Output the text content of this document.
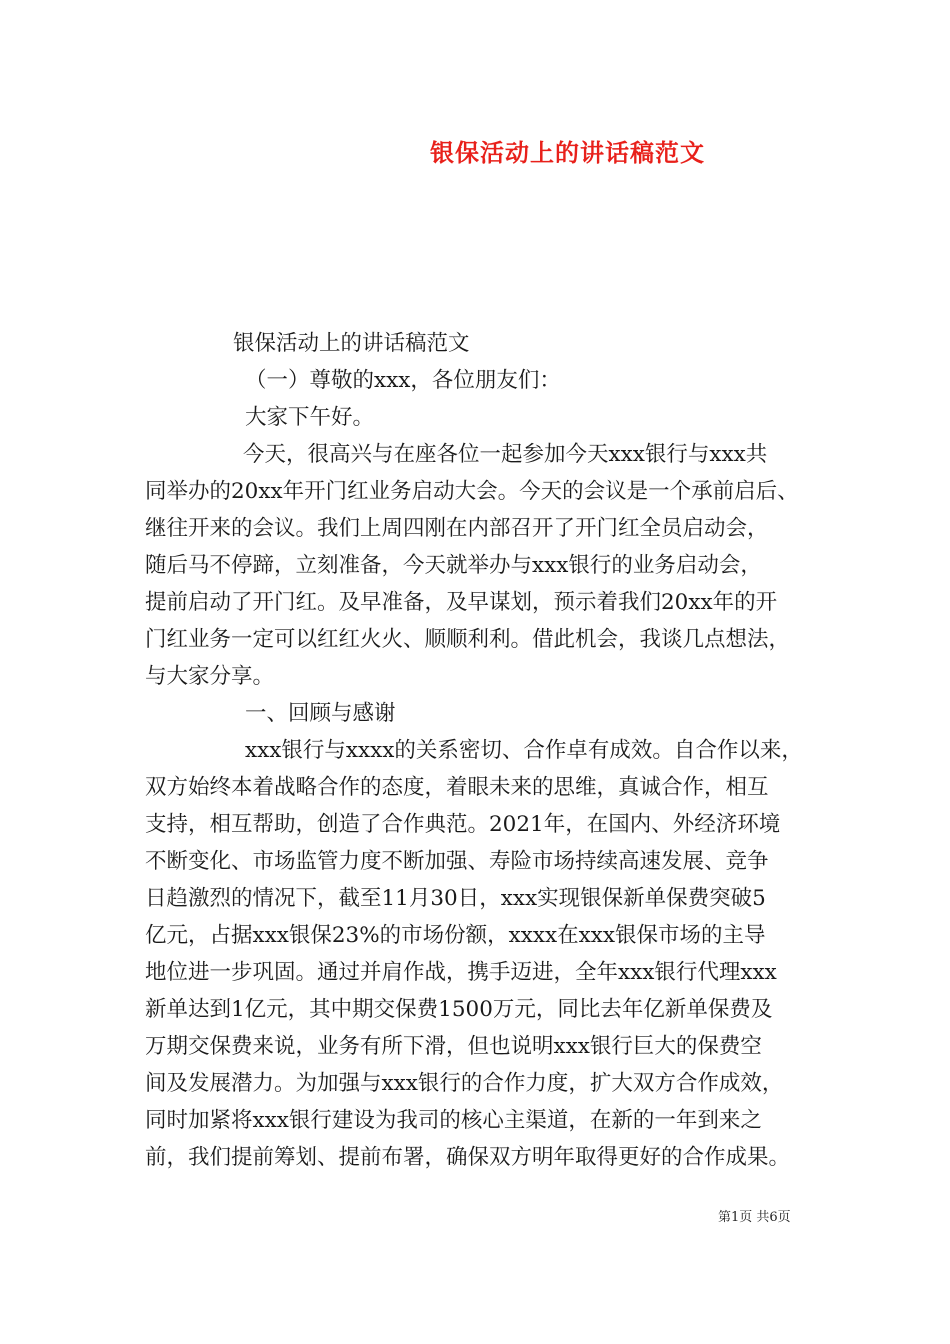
银保活动上的讲话稿范文
银保活动上的讲话稿范文
（一）尊敬的xxx，各位朋友们：
大家下午好。
今天，很高兴与在座各位一起参加今天xxx银行与xxx共
同举办的20xx年开门红业务启动大会。今天的会议是一个承前启后、
继往开来的会议。我们上周四刚在内部召开了开门红全员启动会，
随后马不停蹄，立刻准备，今天就举办与xxx银行的业务启动会，
提前启动了开门红。及早准备，及早谋划，预示着我们20xx年的开
门红业务一定可以红红火火、顺顺利利。借此机会，我谈几点想法，
与大家分享。
一、回顾与感谢
xxx银行与xxxx的关系密切、合作卓有成效。自合作以来，
双方始终本着战略合作的态度，着眼未来的思维，真诚合作，相互
支持，相互帮助，创造了合作典范。2021年，在国内、外经济环境
不断变化、市场监管力度不断加强、寿险市场持续高速发展、竞争
日趋激烈的情况下，截至11月30日，xxx实现银保新单保费突破5
亿元，占据xxx银保23%的市场份额，xxxx在xxx银保市场的主导
地位进一步巩固。通过并肩作战，携手迈进，全年xxx银行代理xxx
新单达到1亿元，其中期交保费1500万元，同比去年亿新单保费及
万期交保费来说，业务有所下滑，但也说明xxx银行巨大的保费空
间及发展潜力。为加强与xxx银行的合作力度，扩大双方合作成效，
同时加紧将xxx银行建设为我司的核心主渠道，在新的一年到来之
前，我们提前筹划、提前布署，确保双方明年取得更好的合作成果。
第1页 共6页
